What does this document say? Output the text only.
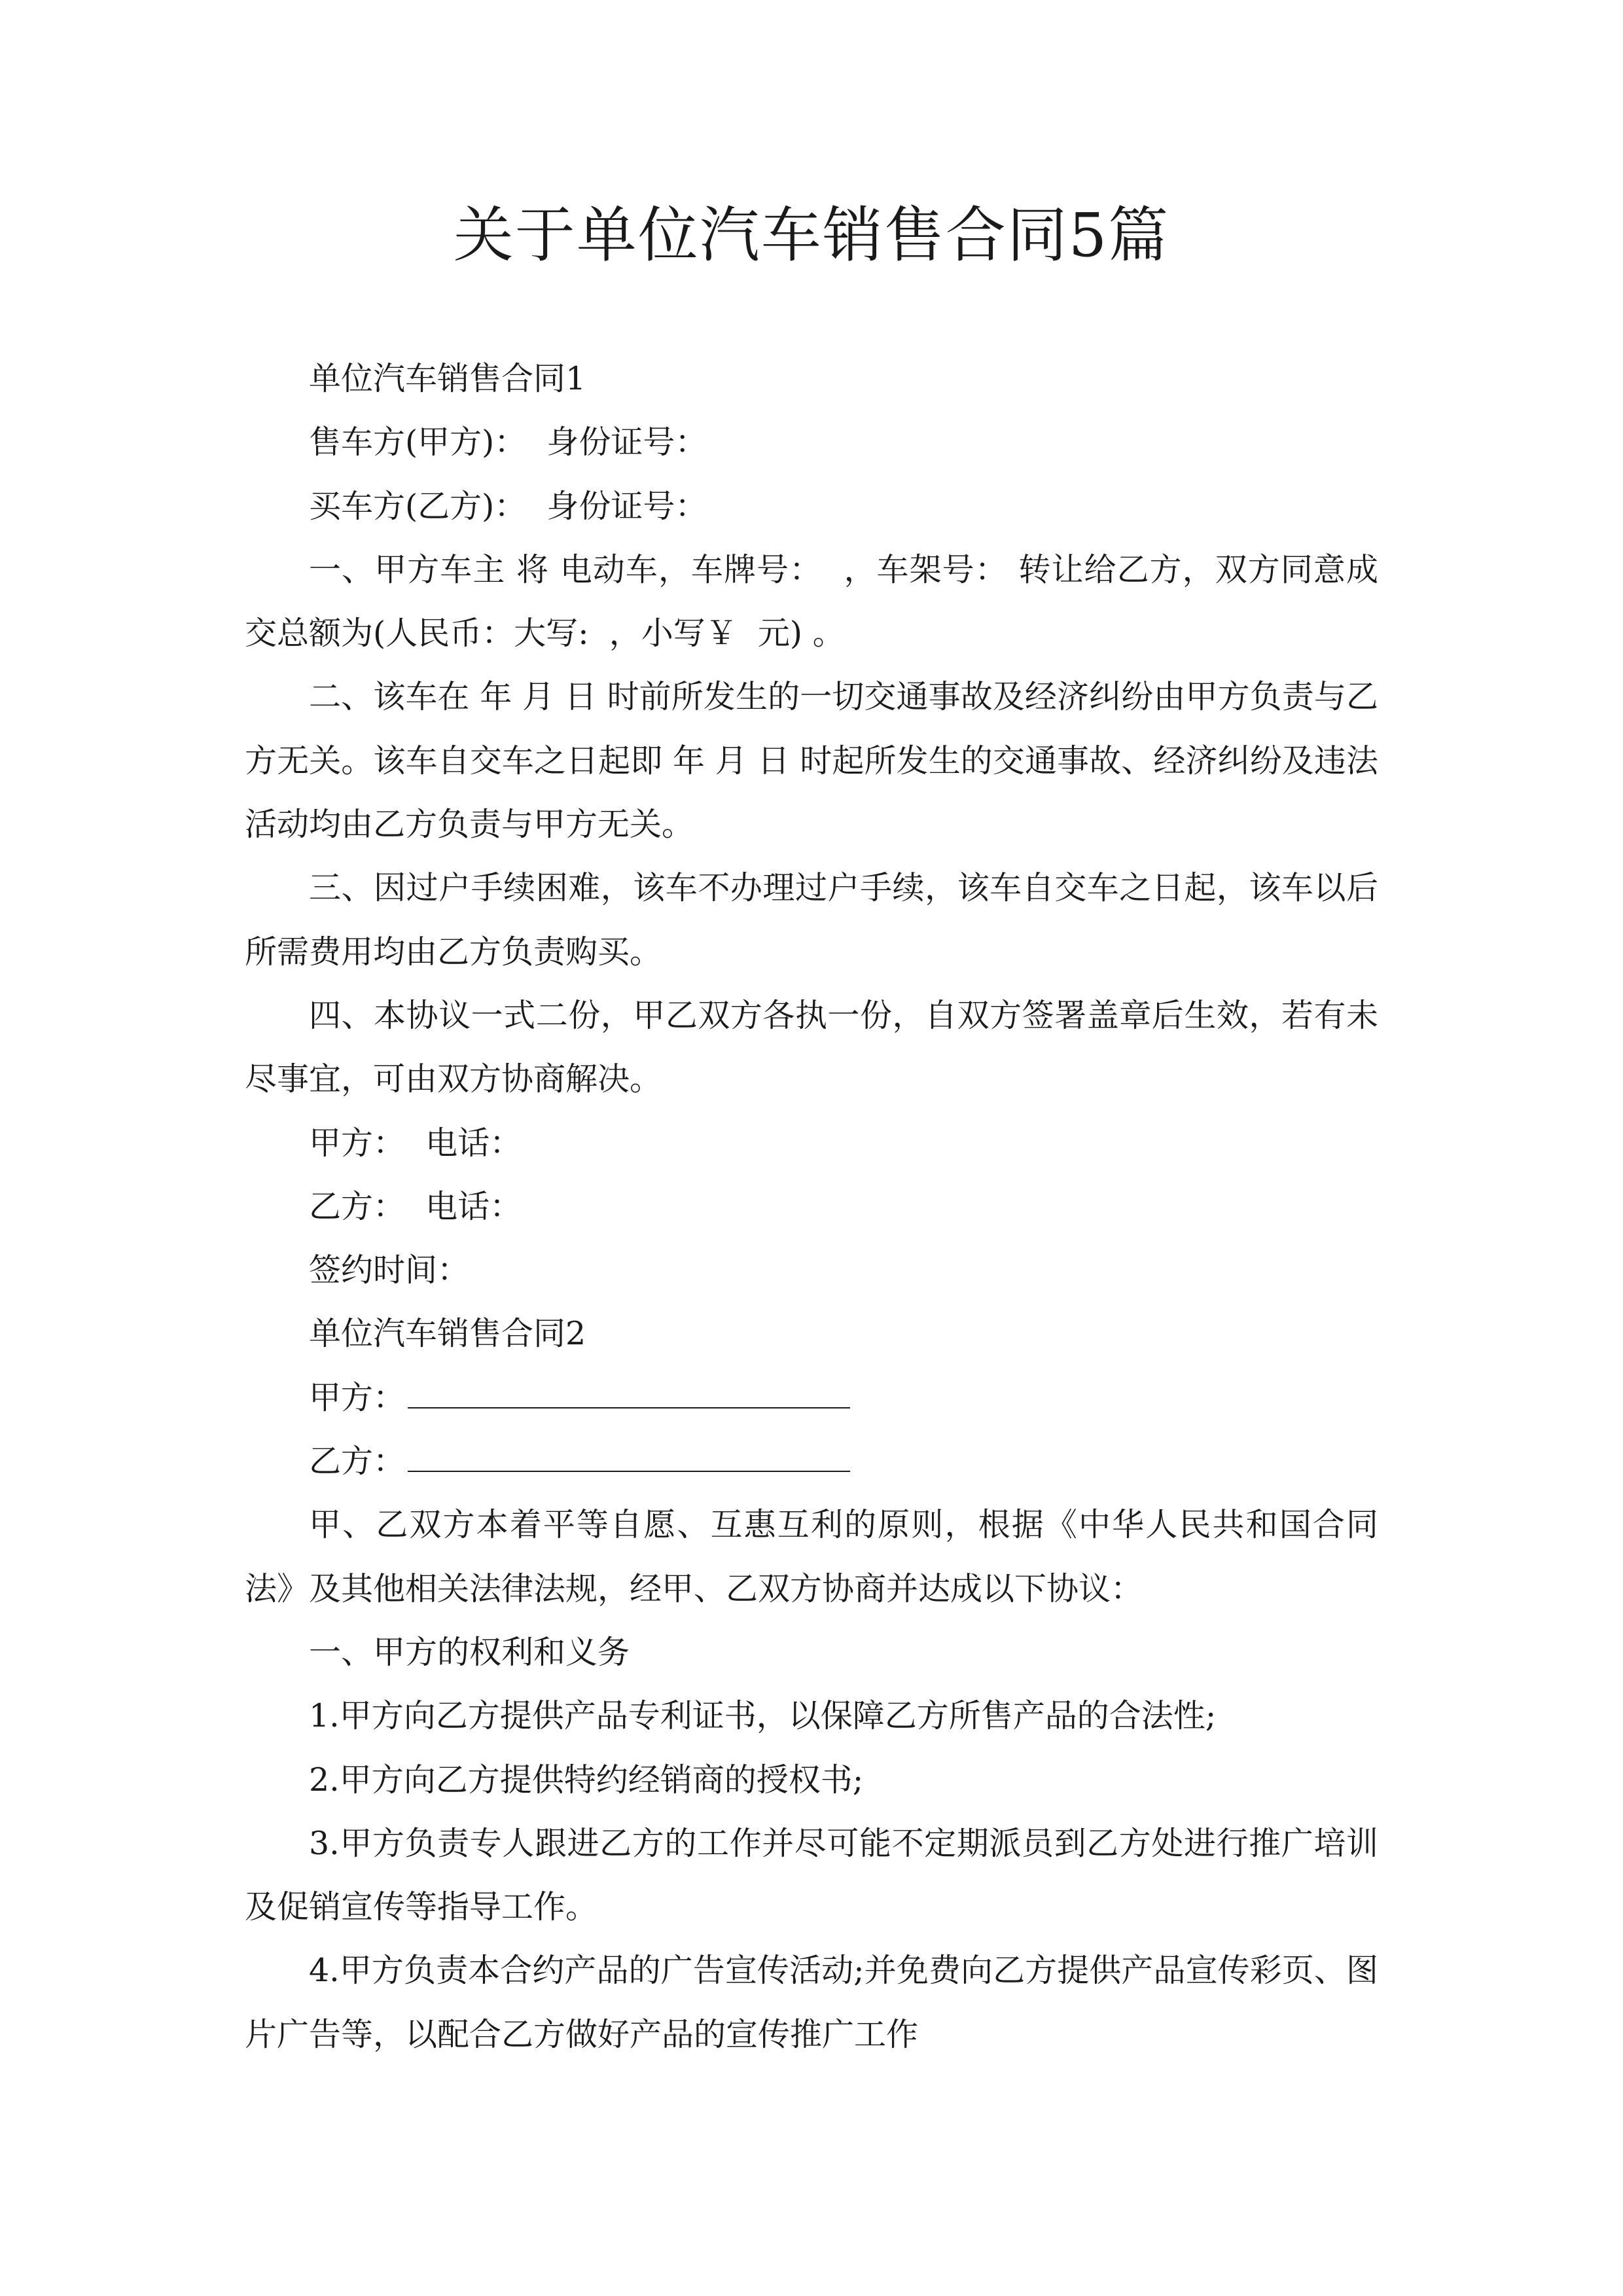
关于单位汽车销售合同5篇

单位汽车销售合同1

售车方(甲方)：  身份证号：

买车方(乙方)：  身份证号：

一、甲方车主 将 电动车，车牌号：  ，车架号： 转让给乙方，双方同意成交总额为(人民币：大写:  ，小写￥  元) 。

二、该车在 年 月 日 时前所发生的一切交通事故及经济纠纷由甲方负责与乙方无关。该车自交车之日起即 年 月 日 时起所发生的交通事故、经济纠纷及违法活动均由乙方负责与甲方无关。

三、因过户手续困难，该车不办理过户手续，该车自交车之日起，该车以后所需费用均由乙方负责购买。

四、本协议一式二份，甲乙双方各执一份，自双方签署盖章后生效，若有未尽事宜，可由双方协商解决。

甲方：  电话：

乙方：  电话：

签约时间：

单位汽车销售合同2

甲方：

乙方：

甲、乙双方本着平等自愿、互惠互利的原则，根据《中华人民共和国合同法》及其他相关法律法规，经甲、乙双方协商并达成以下协议：

一、甲方的权利和义务

1.甲方向乙方提供产品专利证书，以保障乙方所售产品的合法性;

2.甲方向乙方提供特约经销商的授权书;

3.甲方负责专人跟进乙方的工作并尽可能不定期派员到乙方处进行推广培训及促销宣传等指导工作。

4.甲方负责本合约产品的广告宣传活动;并免费向乙方提供产品宣传彩页、图片广告等，以配合乙方做好产品的宣传推广工作
